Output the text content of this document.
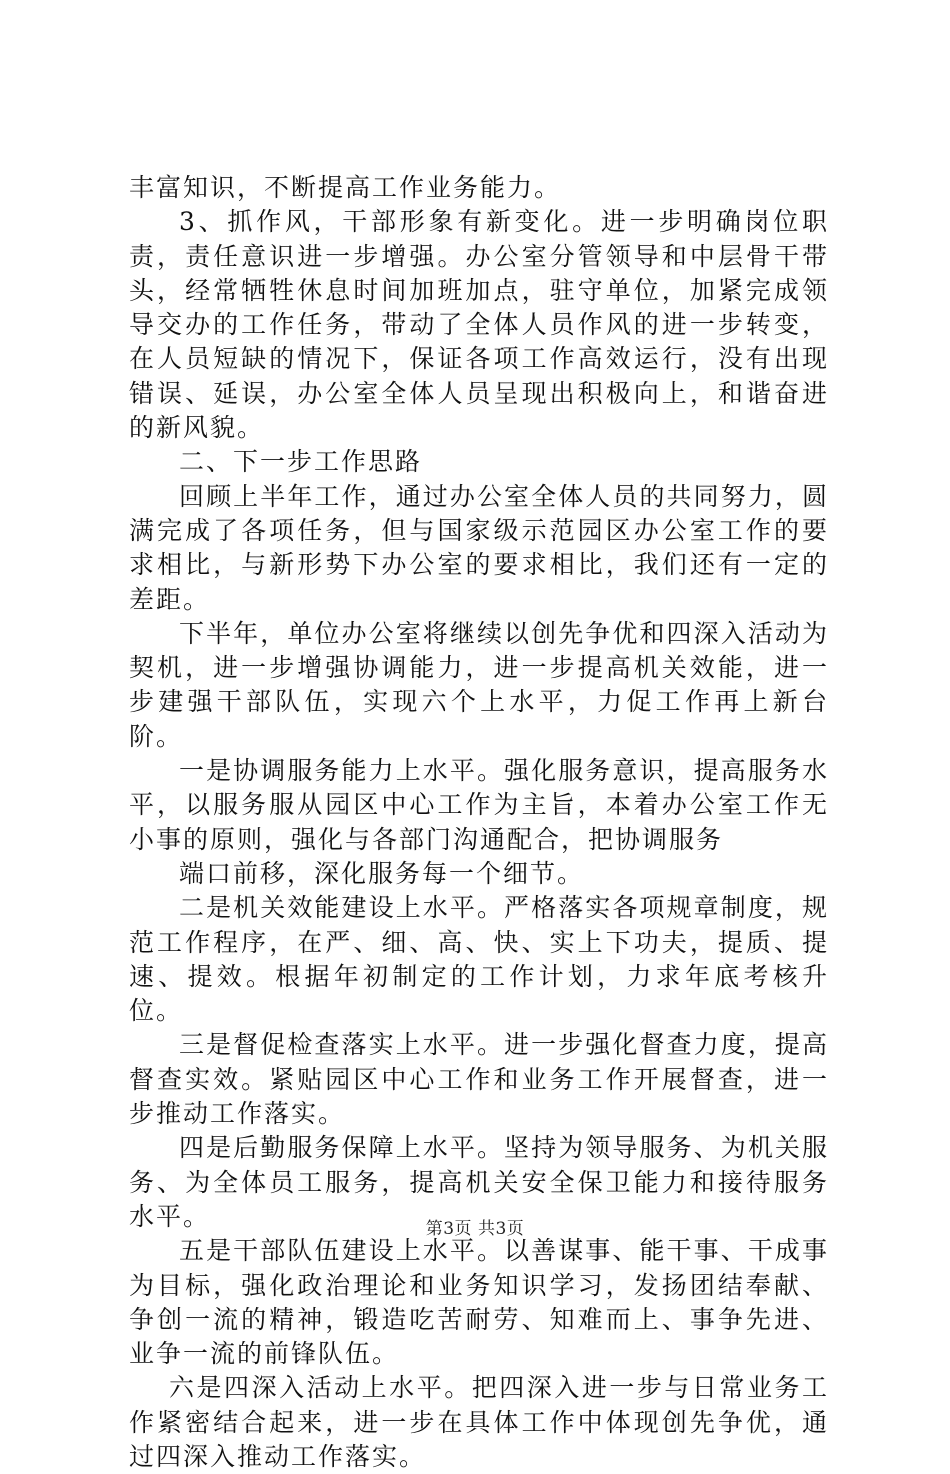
丰富知识，不断提高工作业务能力。

3、抓作风，干部形象有新变化。进一步明确岗位职责，责任意识进一步增强。办公室分管领导和中层骨干带头，经常牺牲休息时间加班加点，驻守单位，加紧完成领导交办的工作任务，带动了全体人员作风的进一步转变，在人员短缺的情况下，保证各项工作高效运行，没有出现错误、延误，办公室全体人员呈现出积极向上，和谐奋进的新风貌。

二、下一步工作思路

回顾上半年工作，通过办公室全体人员的共同努力，圆满完成了各项任务，但与国家级示范园区办公室工作的要求相比，与新形势下办公室的要求相比，我们还有一定的差距。

下半年，单位办公室将继续以创先争优和四深入活动为契机，进一步增强协调能力，进一步提高机关效能，进一步建强干部队伍，实现六个上水平，力促工作再上新台阶。

一是协调服务能力上水平。强化服务意识，提高服务水平，以服务服从园区中心工作为主旨，本着办公室工作无小事的原则，强化与各部门沟通配合，把协调服务

端口前移，深化服务每一个细节。

二是机关效能建设上水平。严格落实各项规章制度，规范工作程序，在严、细、高、快、实上下功夫，提质、提速、提效。根据年初制定的工作计划，力求年底考核升位。

三是督促检查落实上水平。进一步强化督查力度，提高督查实效。紧贴园区中心工作和业务工作开展督查，进一步推动工作落实。

四是后勤服务保障上水平。坚持为领导服务、为机关服务、为全体员工服务，提高机关安全保卫能力和接待服务水平。

五是干部队伍建设上水平。以善谋事、能干事、干成事为目标，强化政治理论和业务知识学习，发扬团结奉献、争创一流的精神，锻造吃苦耐劳、知难而上、事争先进、业争一流的前锋队伍。

六是四深入活动上水平。把四深入进一步与日常业务工作紧密结合起来，进一步在具体工作中体现创先争优，通过四深入推动工作落实。

第3页 共3页
